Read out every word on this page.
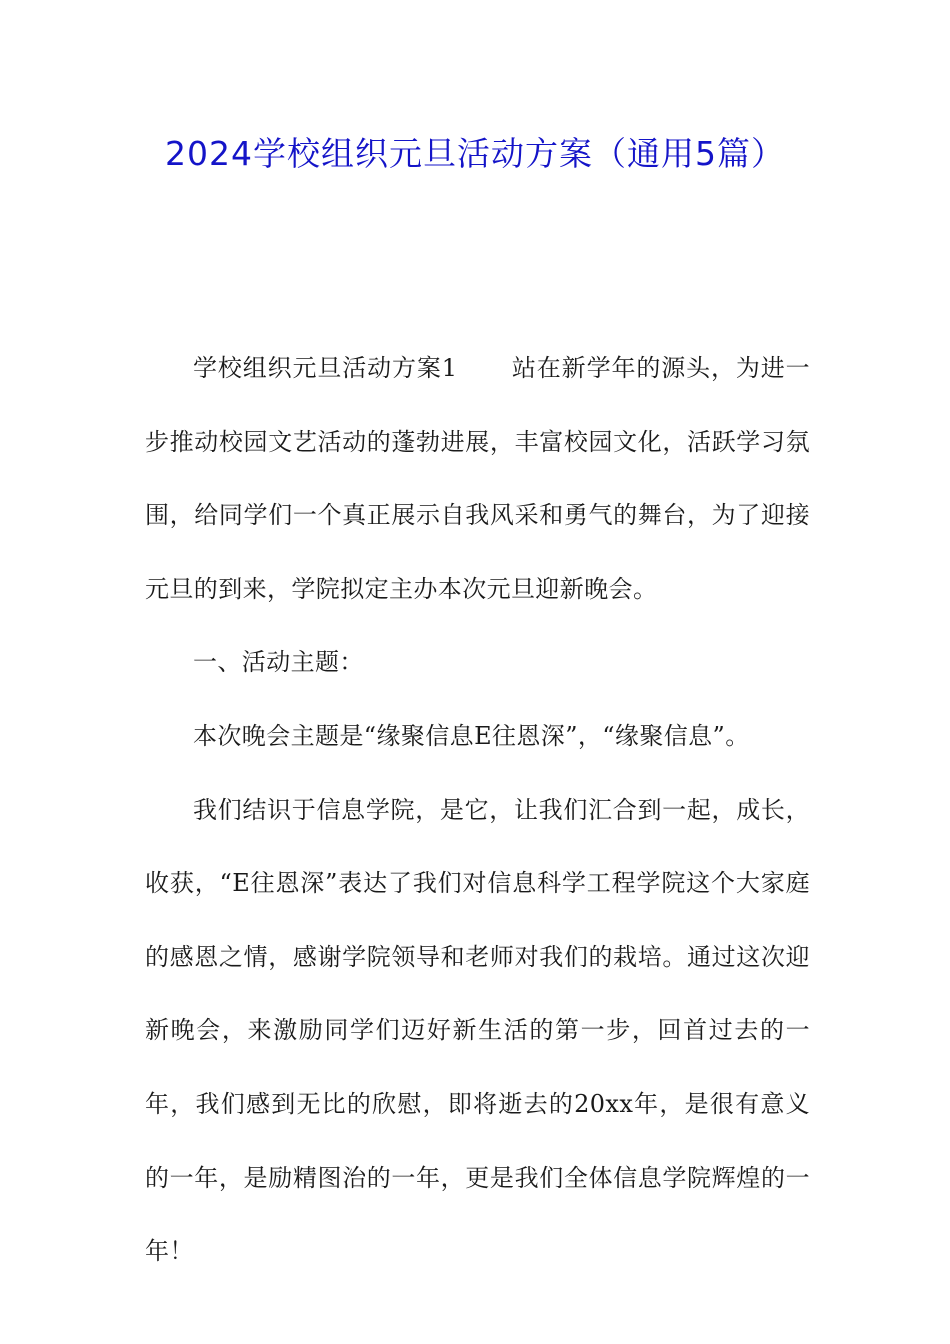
2024学校组织元旦活动方案（通用5篇）

学校组织元旦活动方案1 站在新学年的源头，为进一步推动校园文艺活动的蓬勃进展，丰富校园文化，活跃学习氛围，给同学们一个真正展示自我风采和勇气的舞台，为了迎接元旦的到来，学院拟定主办本次元旦迎新晚会。

一、活动主题：

本次晚会主题是“缘聚信息E往恩深”，“缘聚信息”。

我们结识于信息学院，是它，让我们汇合到一起，成长，收获，“E往恩深”表达了我们对信息科学工程学院这个大家庭的感恩之情，感谢学院领导和老师对我们的栽培。通过这次迎新晚会，来激励同学们迈好新生活的第一步，回首过去的一年，我们感到无比的欣慰，即将逝去的20xx年，是很有意义的一年，是励精图治的一年，更是我们全体信息学院辉煌的一年！
